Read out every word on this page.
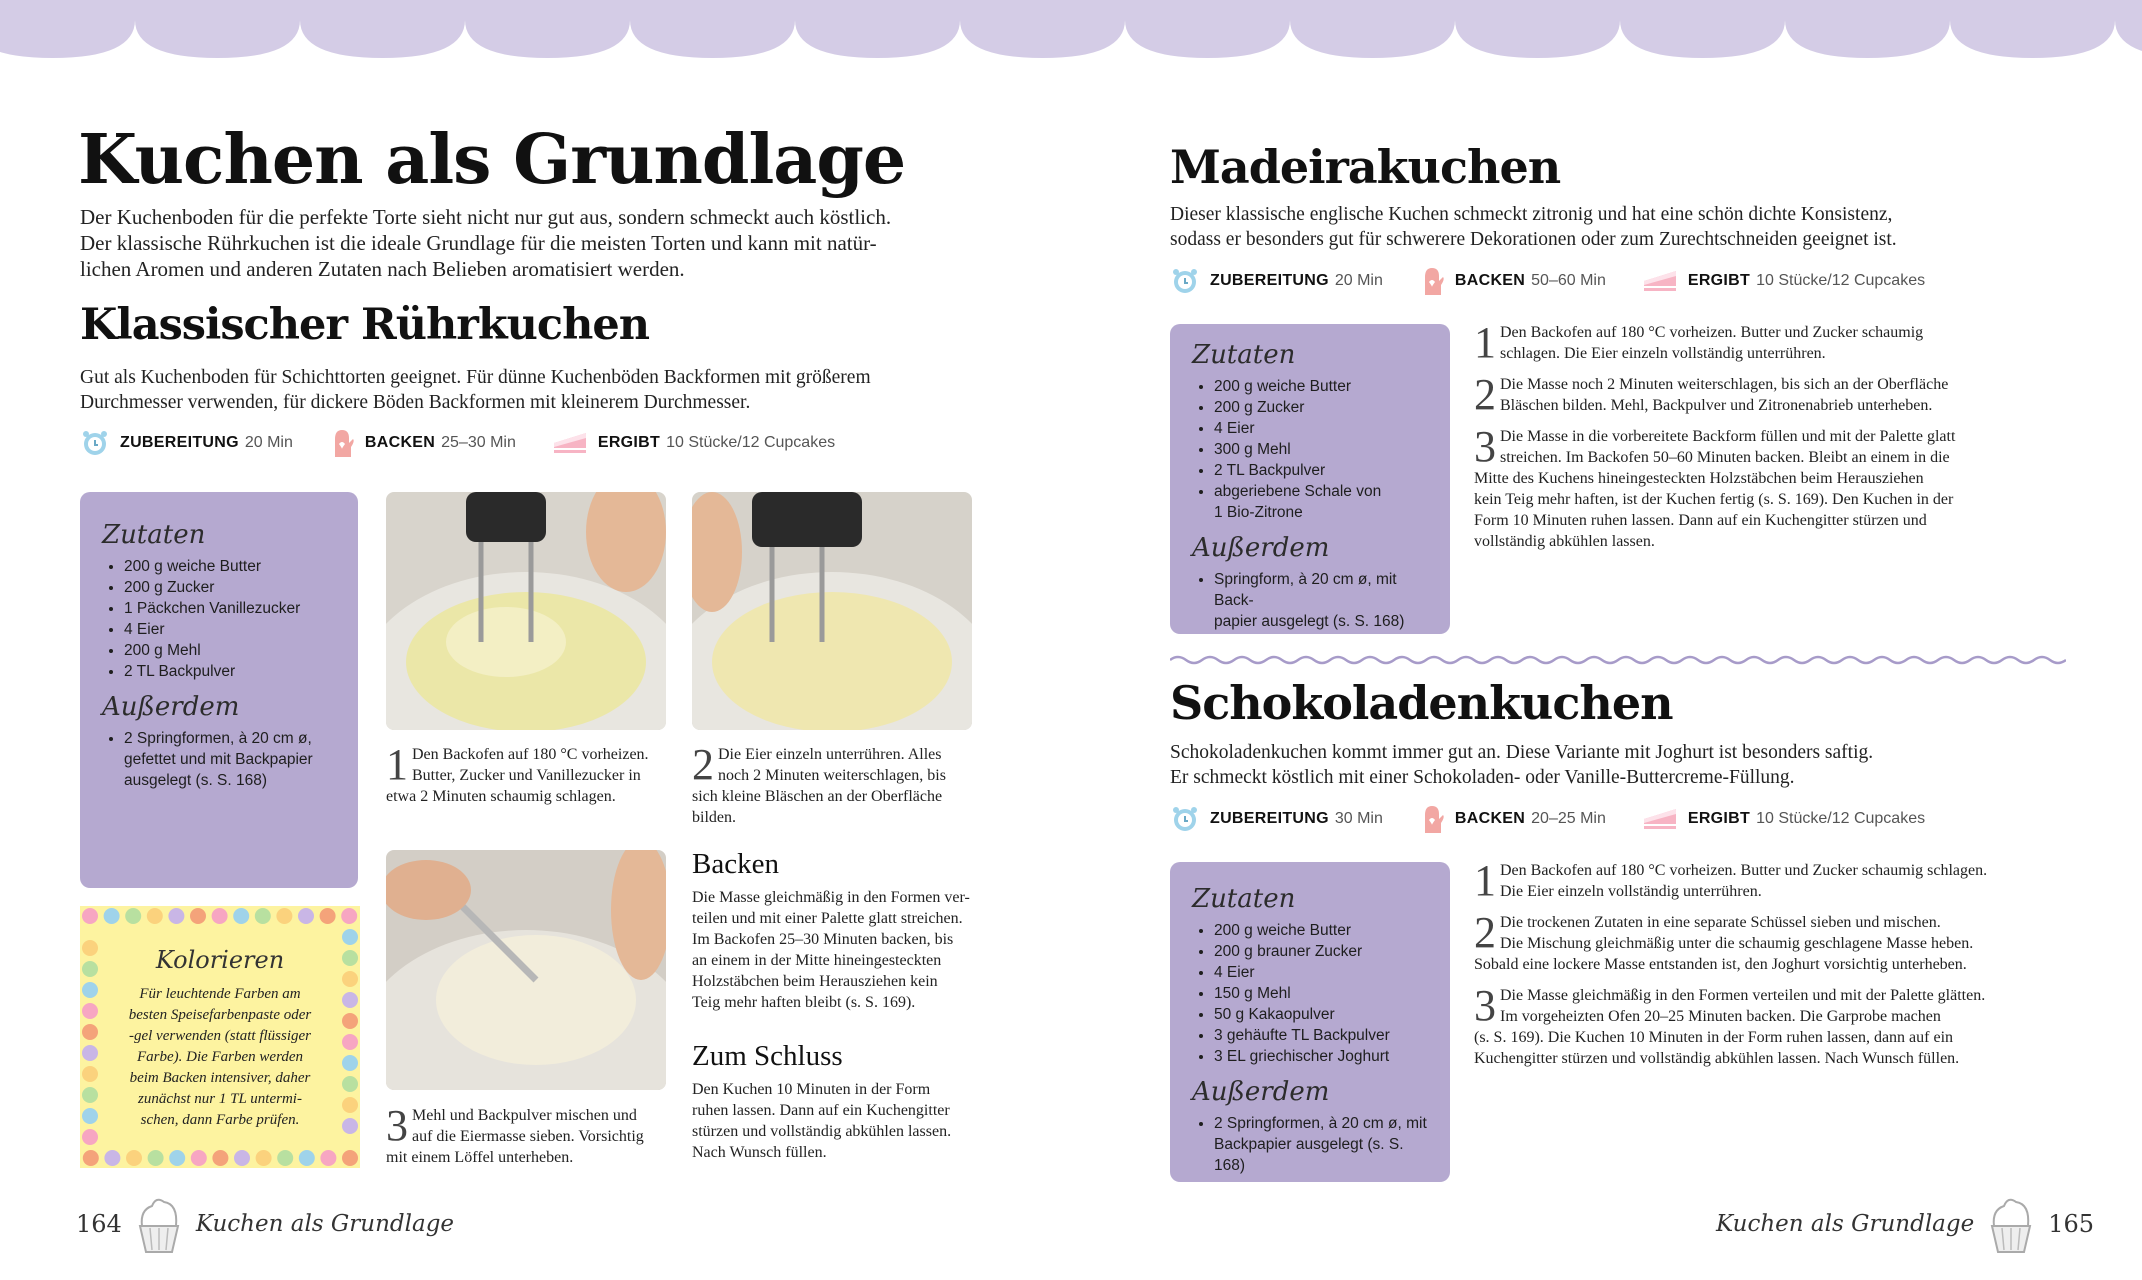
Kuchen als Grundlage

Der Kuchenboden für die perfekte Torte sieht nicht nur gut aus, sondern schmeckt auch köstlich.

Der klassische Rührkuchen ist die ideale Grundlage für die meisten Torten und kann mit natür-

lichen Aromen und anderen Zutaten nach Belieben aromatisiert werden.

Klassischer Rührkuchen

Gut als Kuchenboden für Schichttorten geeignet. Für dünne Kuchenböden Backformen mit größerem

Durchmesser verwenden, für dickere Böden Backformen mit kleinerem Durchmesser.

ZUBEREITUNG 20 Min	BACKEN 25–30 Min	ERGIBT 10 Stücke/12 Cupcakes

Zutaten

• 200 g weiche Butter
• 200 g Zucker
• 1 Päckchen Vanillezucker
• 4 Eier
• 200 g Mehl
• 2 TL Backpulver

Außerdem

• 2 Springformen, à 20 cm ø,
gefettet und mit Backpapier
ausgelegt (s. S. 168)
Kolorieren
Für leuchtende Farben am
besten Speisefarbenpaste oder
-gel verwenden (statt flüssiger
Farbe). Die Farben werden
beim Backen intensiver, daher
zunächst nur 1 TL untermi-
schen, dann Farbe prüfen.
1 Den Backofen auf 180 °C vorheizen.
Butter, Zucker und Vanillezucker in
etwa 2 Minuten schaumig schlagen.
2 Die Eier einzeln unterrühren. Alles
noch 2 Minuten weiterschlagen, bis
sich kleine Bläschen an der Oberfläche
bilden.
3 Mehl und Backpulver mischen und
auf die Eiermasse sieben. Vorsichtig
mit einem Löffel unterheben.

Backen

Die Masse gleichmäßig in den Formen ver-

teilen und mit einer Palette glatt streichen.

Im Backofen 25–30 Minuten backen, bis

an einem in der Mitte hineingesteckten

Holzstäbchen beim Herausziehen kein

Teig mehr haften bleibt (s. S. 169).

Zum Schluss

Den Kuchen 10 Minuten in der Form

ruhen lassen. Dann auf ein Kuchengitter

stürzen und vollständig abkühlen lassen.

Nach Wunsch füllen.

164	Kuchen als Grundlage
Madeirakuchen

Dieser klassische englische Kuchen schmeckt zitronig und hat eine schön dichte Konsistenz,

sodass er besonders gut für schwerere Dekorationen oder zum Zurechtschneiden geeignet ist.

ZUBEREITUNG 20 Min	BACKEN 50–60 Min	ERGIBT 10 Stücke/12 Cupcakes

Zutaten

• 200 g weiche Butter
• 200 g Zucker
• 4 Eier
• 300 g Mehl
• 2 TL Backpulver
• abgeriebene Schale von
1 Bio-Zitrone

Außerdem

• Springform, à 20 cm ø, mit Back-
papier ausgelegt (s. S. 168)
1 Den Backofen auf 180 °C vorheizen. Butter und Zucker schaumig
schlagen. Die Eier einzeln vollständig unterrühren.
2 Die Masse noch 2 Minuten weiterschlagen, bis sich an der Oberfläche
Bläschen bilden. Mehl, Backpulver und Zitronenabrieb unterheben.
3 Die Masse in die vorbereitete Backform füllen und mit der Palette glatt
streichen. Im Backofen 50–60 Minuten backen. Bleibt an einem in die
Mitte des Kuchens hineingesteckten Holzstäbchen beim Herausziehen
kein Teig mehr haften, ist der Kuchen fertig (s. S. 169). Den Kuchen in der
Form 10 Minuten ruhen lassen. Dann auf ein Kuchengitter stürzen und
vollständig abkühlen lassen.
Schokoladenkuchen

Schokoladenkuchen kommt immer gut an. Diese Variante mit Joghurt ist besonders saftig.

Er schmeckt köstlich mit einer Schokoladen- oder Vanille-Buttercreme-Füllung.

ZUBEREITUNG 30 Min	BACKEN 20–25 Min	ERGIBT 10 Stücke/12 Cupcakes

Zutaten

• 200 g weiche Butter
• 200 g brauner Zucker
• 4 Eier
• 150 g Mehl
• 50 g Kakaopulver
• 3 gehäufte TL Backpulver
• 3 EL griechischer Joghurt

Außerdem

• 2 Springformen, à 20 cm ø, mit
Backpapier ausgelegt (s. S. 168)
1 Den Backofen auf 180 °C vorheizen. Butter und Zucker schaumig schlagen.
Die Eier einzeln vollständig unterrühren.
2 Die trockenen Zutaten in eine separate Schüssel sieben und mischen.
Die Mischung gleichmäßig unter die schaumig geschlagene Masse heben.
Sobald eine lockere Masse entstanden ist, den Joghurt vorsichtig unterheben.
3 Die Masse gleichmäßig in den Formen verteilen und mit der Palette glätten.
Im vorgeheizten Ofen 20–25 Minuten backen. Die Garprobe machen
(s. S. 169). Die Kuchen 10 Minuten in der Form ruhen lassen, dann auf ein
Kuchengitter stürzen und vollständig abkühlen lassen. Nach Wunsch füllen.
Kuchen als Grundlage	165
